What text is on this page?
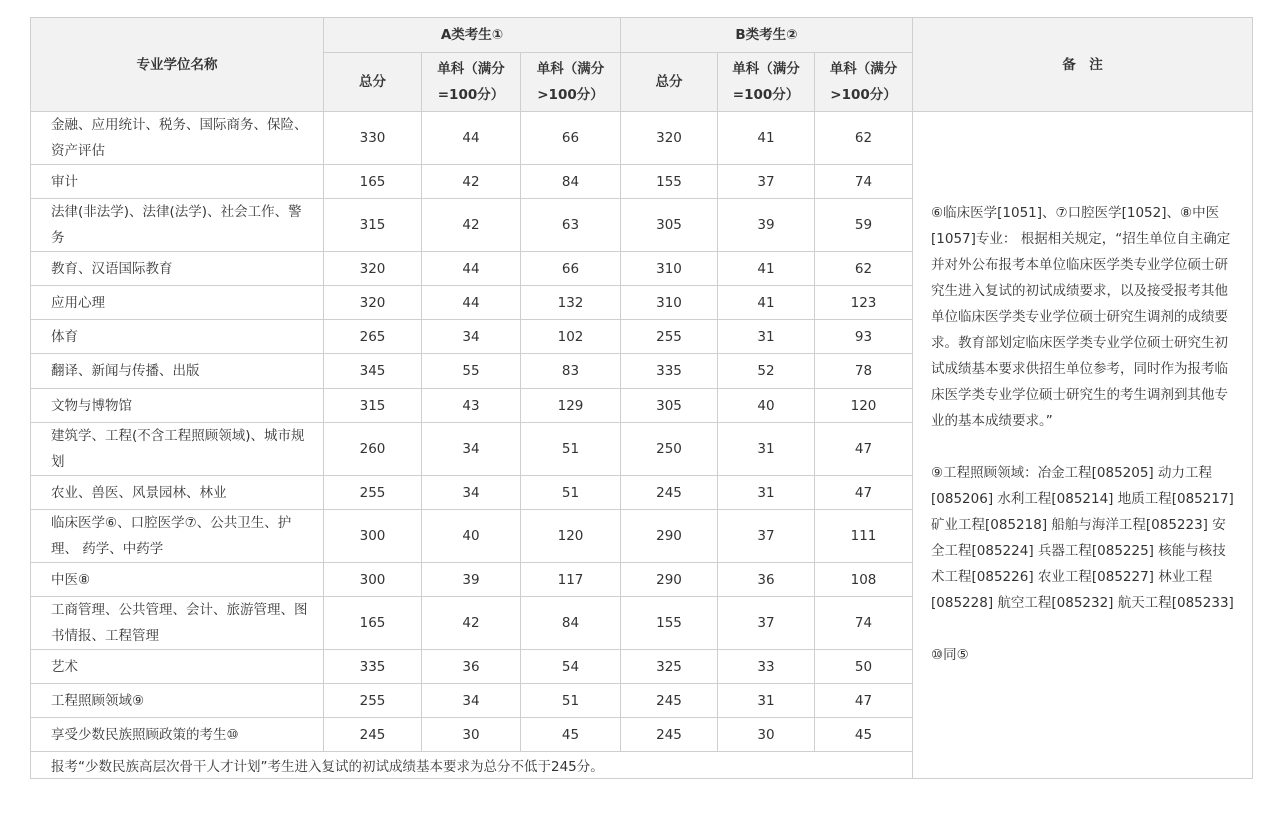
专业学位名称	A类考生①			B类考生②			备　注
	总分	单科（满分=100分）	单科（满分>100分）	总分	单科（满分=100分）	单科（满分>100分）	
金融、应用统计、税务、国际商务、保险、 资产评估	330	44	66	320	41	62	⑥临床医学[1051]、⑦口腔医学[1052]、⑧中医[1057]专业： 根据相关规定，“招生单位自主确定并对外公布报考本单位临床医学类专业学位硕士研究生进入复试的初试成绩要求，以及接受报考其他单位临床医学类专业学位硕士研究生调剂的成绩要求。教育部划定临床医学类专业学位硕士研究生初试成绩基本要求供招生单位参考，同时作为报考临床医学类专业学位硕士研究生的考生调剂到其他专业的基本成绩要求。”
⑨工程照顾领域：冶金工程[085205] 动力工程[085206] 水利工程[085214] 地质工程[085217] 矿业工程[085218] 船舶与海洋工程[085223] 安全工程[085224] 兵器工程[085225] 核能与核技术工程[085226] 农业工程[085227] 林业工程[085228] 航空工程[085232] 航天工程[085233]
⑩同⑤

审计	165	42	84	155	37	74	
法律(非法学)、法律(法学)、社会工作、警务	315	42	63	305	39	59	
教育、汉语国际教育	320	44	66	310	41	62	
应用心理	320	44	132	310	41	123	
体育	265	34	102	255	31	93	
翻译、新闻与传播、出版	345	55	83	335	52	78	
文物与博物馆	315	43	129	305	40	120	
建筑学、工程(不含工程照顾领域)、城市规划	260	34	51	250	31	47	
农业、兽医、风景园林、林业	255	34	51	245	31	47	
临床医学⑥、口腔医学⑦、公共卫生、护理、 药学、中药学	300	40	120	290	37	111	
中医⑧	300	39	117	290	36	108	
工商管理、公共管理、会计、旅游管理、图书情报、工程管理	165	42	84	155	37	74	
艺术	335	36	54	325	33	50	
工程照顾领域⑨	255	34	51	245	31	47	
享受少数民族照顾政策的考生⑩	245	30	45	245	30	45	
报考“少数民族高层次骨干人才计划”考生进入复试的初试成绩基本要求为总分不低于245分。							
